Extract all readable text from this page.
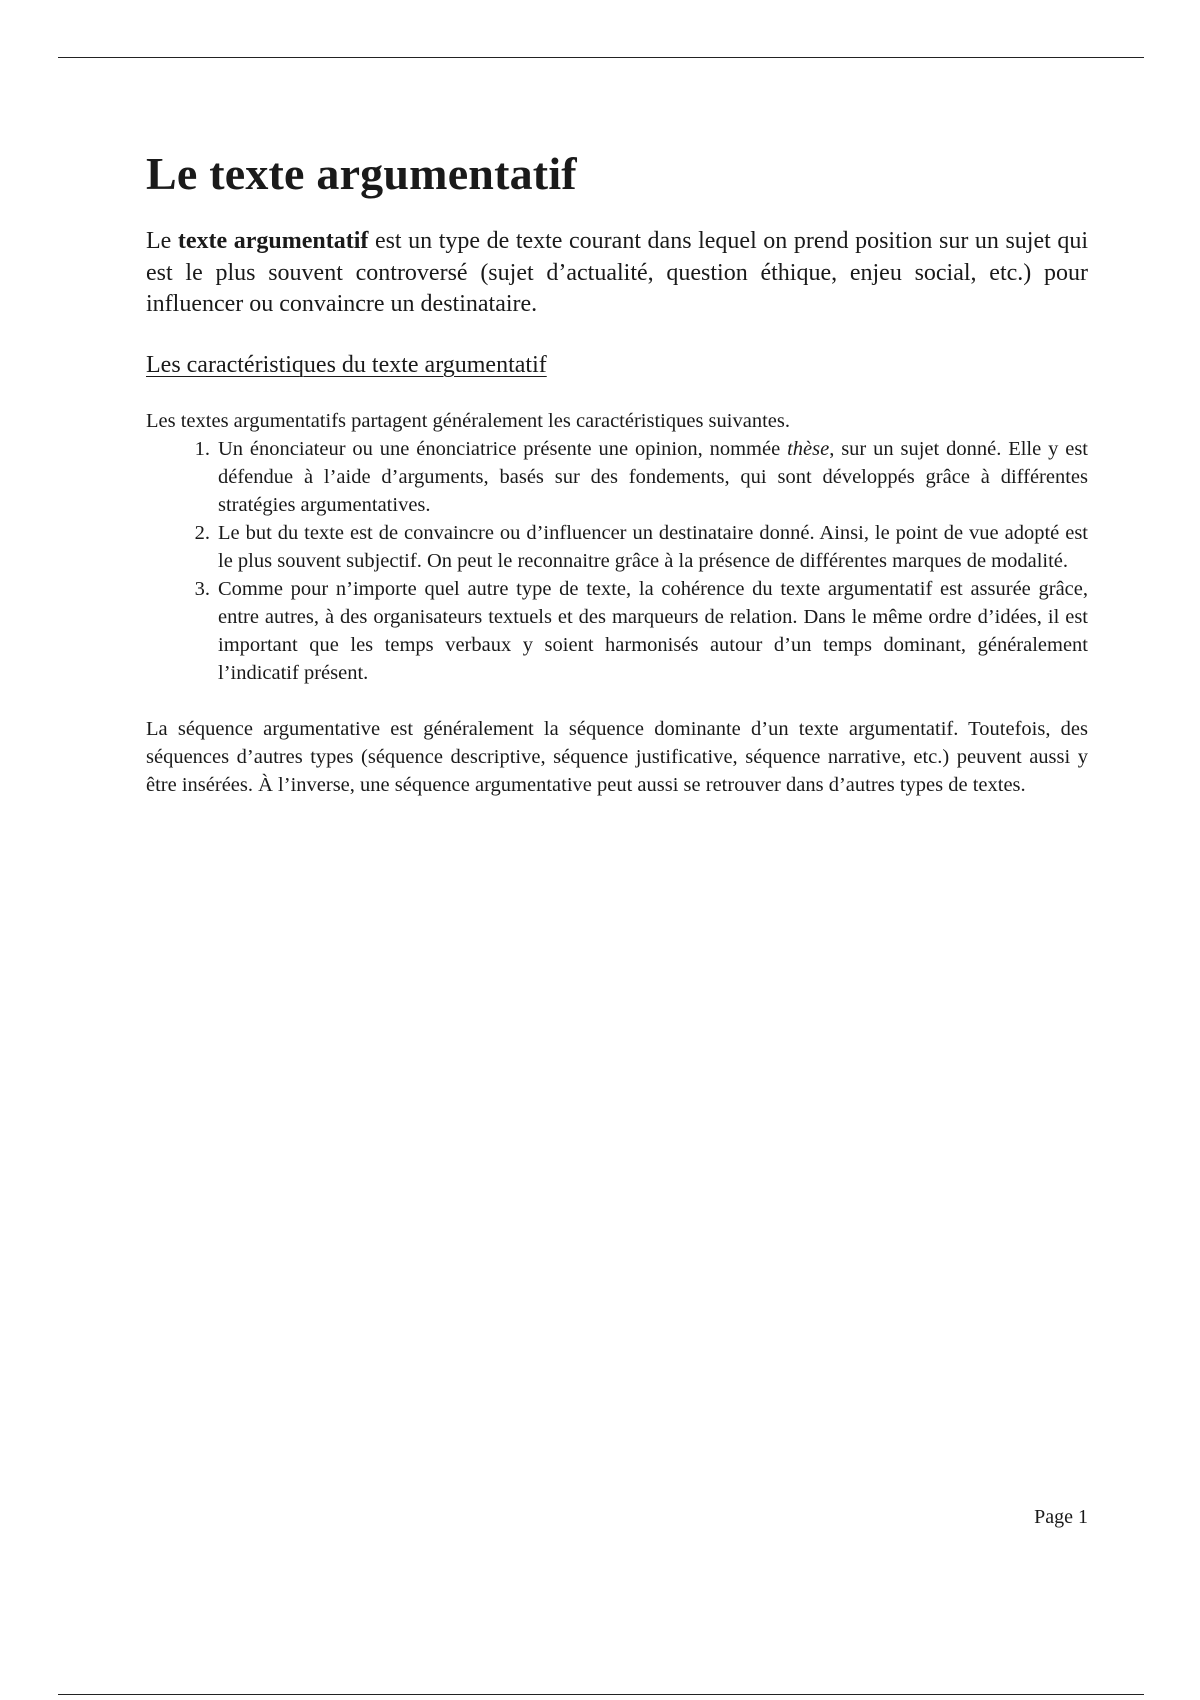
Le texte argumentatif

Le texte argumentatif est un type de texte courant dans lequel on prend position sur un sujet qui est le plus souvent controversé (sujet d’actualité, question éthique, enjeu social, etc.) pour influencer ou convaincre un destinataire.

Les caractéristiques du texte argumentatif

Les textes argumentatifs partagent généralement les caractéristiques suivantes.

1. Un énonciateur ou une énonciatrice présente une opinion, nommée thèse, sur un sujet donné. Elle y est défendue à l’aide d’arguments, basés sur des fondements, qui sont développés grâce à différentes stratégies argumentatives.
2. Le but du texte est de convaincre ou d’influencer un destinataire donné. Ainsi, le point de vue adopté est le plus souvent subjectif. On peut le reconnaitre grâce à la présence de différentes marques de modalité.
3. Comme pour n’importe quel autre type de texte, la cohérence du texte argumentatif est assurée grâce, entre autres, à des organisateurs textuels et des marqueurs de relation. Dans le même ordre d’idées, il est important que les temps verbaux y soient harmonisés autour d’un temps dominant, généralement l’indicatif présent.

La séquence argumentative est généralement la séquence dominante d’un texte argumentatif. Toutefois, des séquences d’autres types (séquence descriptive, séquence justificative, séquence narrative, etc.) peuvent aussi y être insérées. À l’inverse, une séquence argumentative peut aussi se retrouver dans d’autres types de textes.

Page 1
